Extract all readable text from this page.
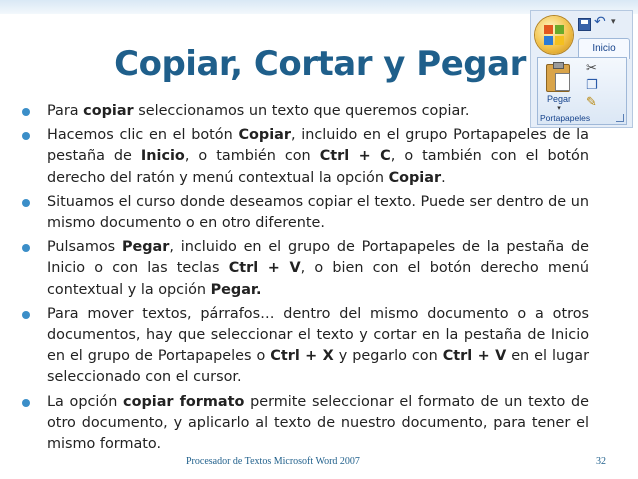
Copiar, Cortar y Pegar
↶ ▾
Inicio
Pegar
▾
✂
❐
✎
Portapapeles
Para copiar seleccionamos un texto que queremos copiar.
Hacemos clic en el botón Copiar, incluido en el grupo Portapapeles de la pestaña de Inicio, o también con Ctrl + C, o también con el botón derecho del ratón y menú contextual la opción Copiar.
Situamos el curso donde deseamos copiar el texto. Puede ser dentro de un mismo documento o en otro diferente.
Pulsamos Pegar, incluido en el grupo de Portapapeles de la pestaña de Inicio o con las teclas Ctrl + V, o bien con el botón derecho menú contextual y la opción Pegar.
Para mover textos, párrafos… dentro del mismo documento o a otros documentos, hay que seleccionar el texto y cortar en la pestaña de Inicio en el grupo de Portapapeles o Ctrl + X y pegarlo con Ctrl + V en el lugar seleccionado con el cursor.
La opción copiar formato permite seleccionar el formato de un texto de otro documento, y aplicarlo al texto de nuestro documento, para tener el mismo formato.
Procesador de Textos Microsoft Word 2007	32
